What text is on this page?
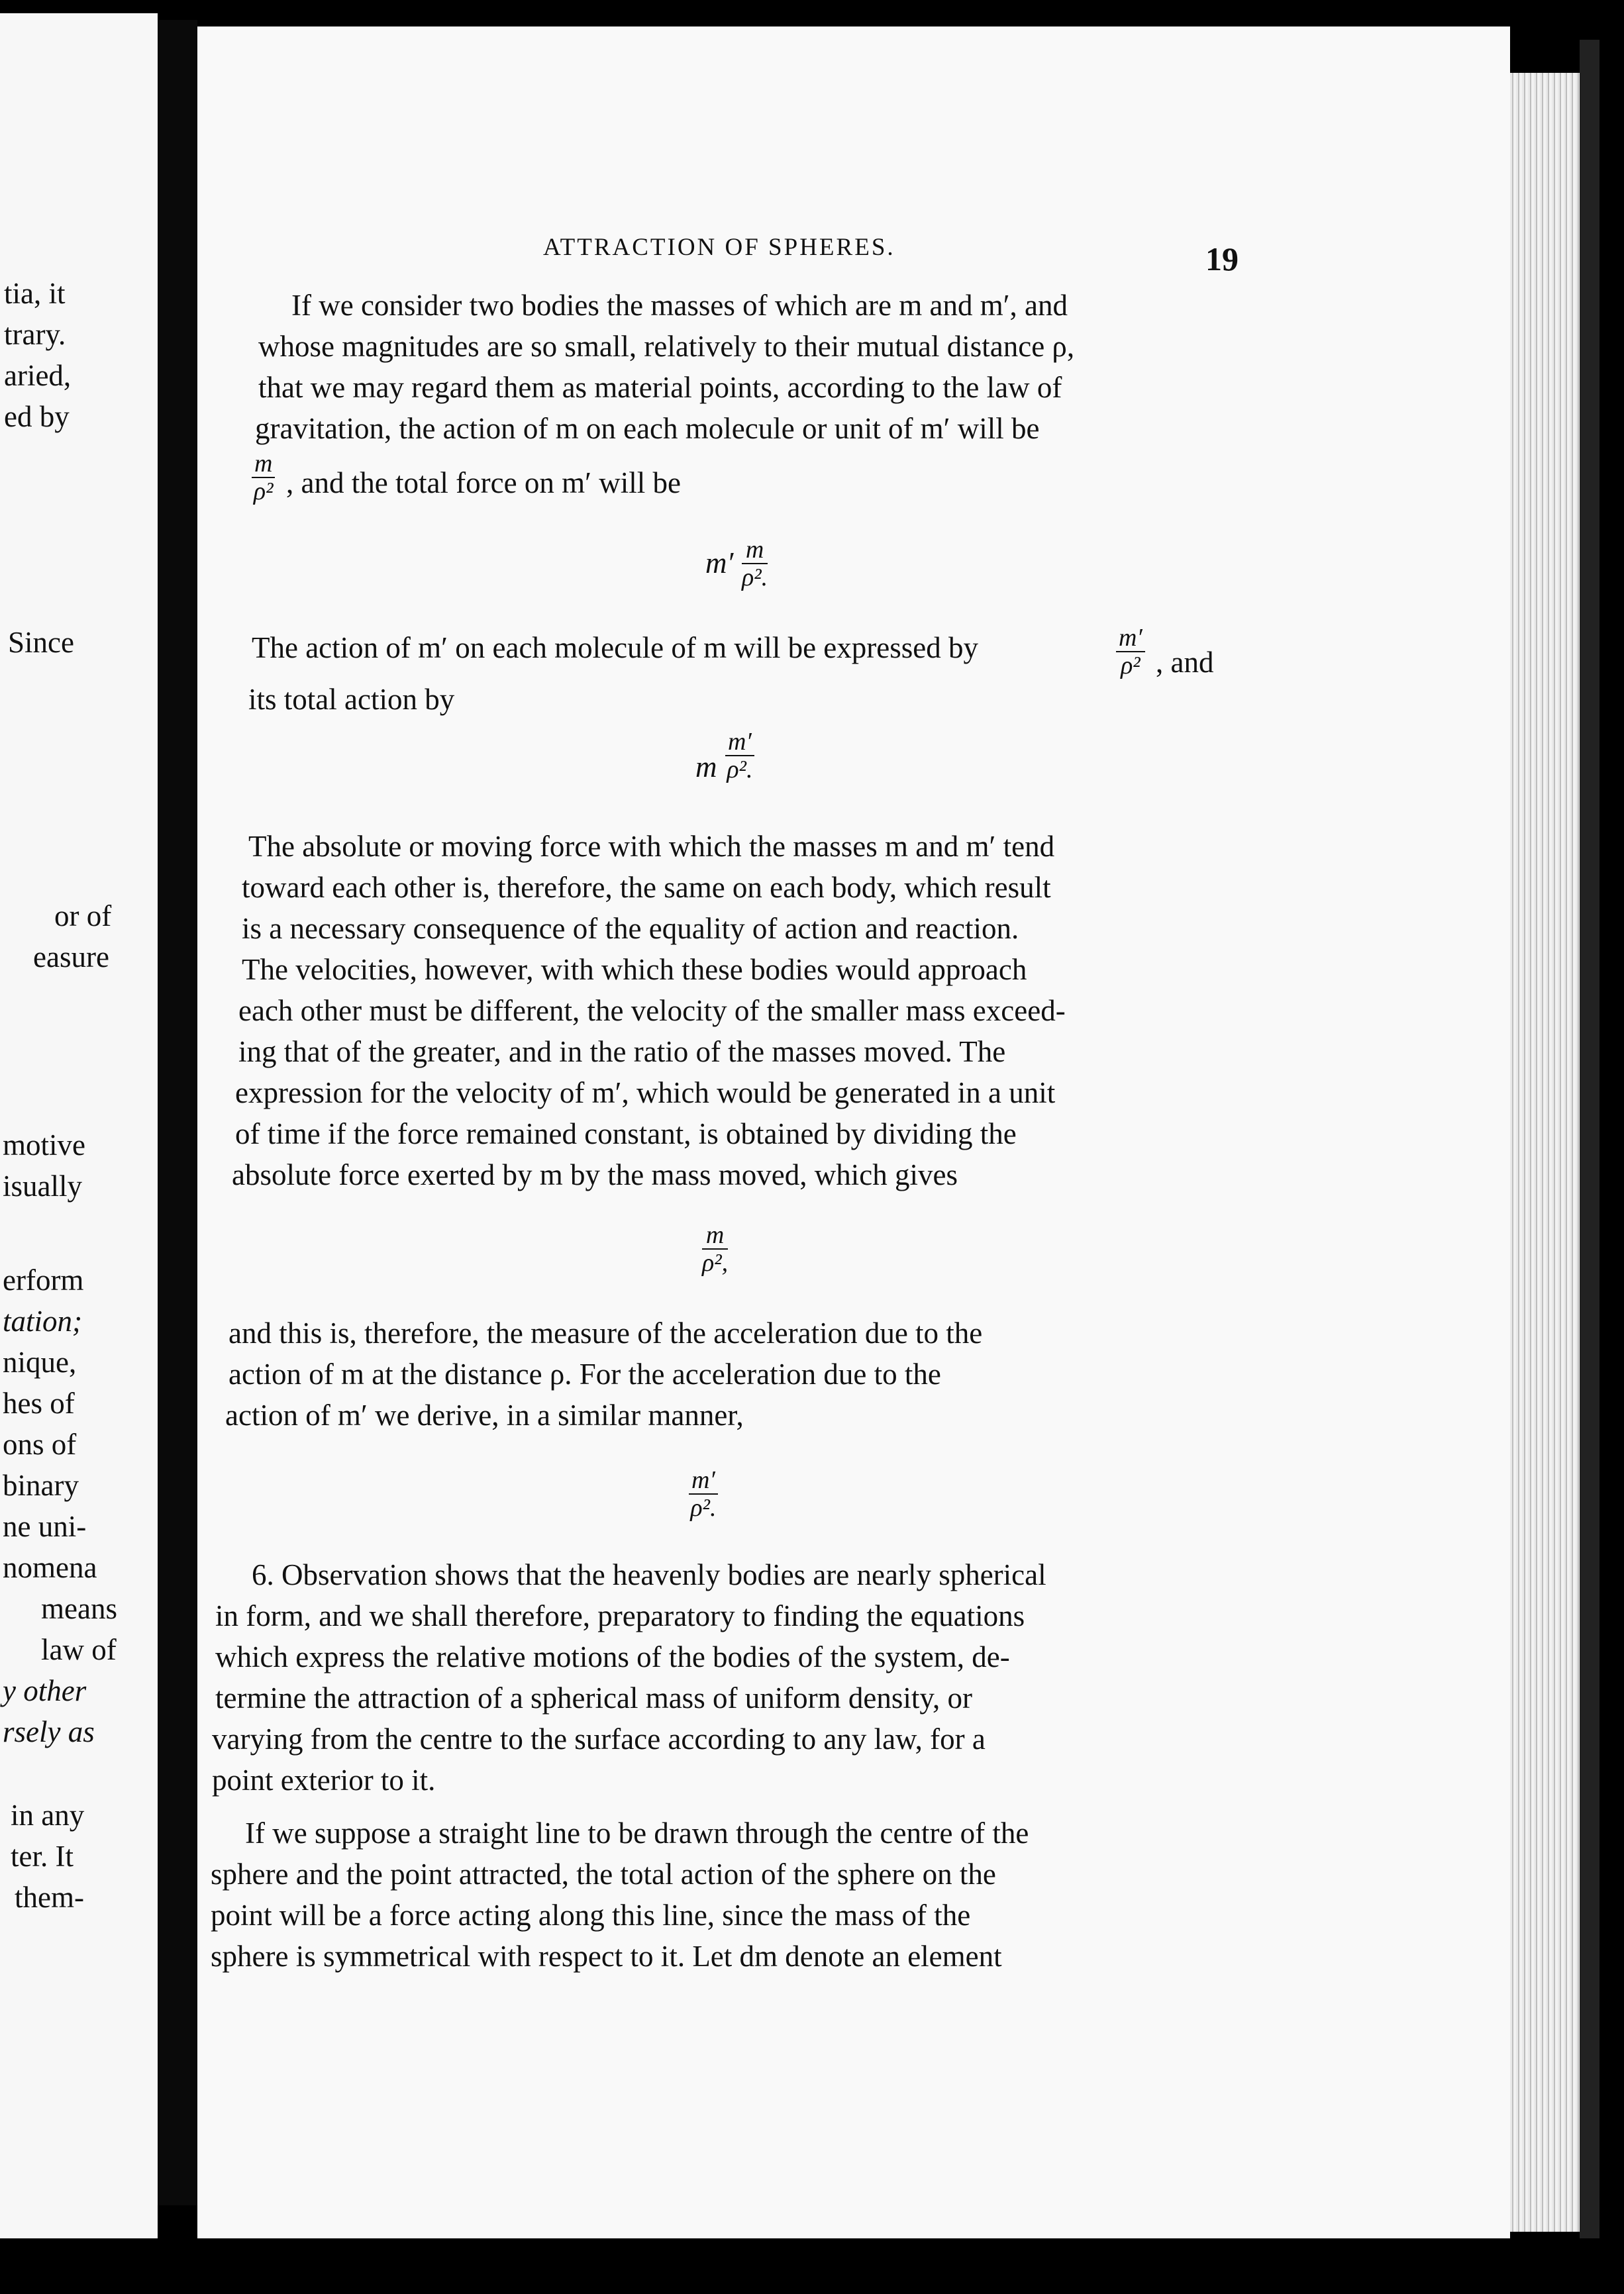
tia, it
trary.
aried,
ed by
Since
or of
easure
motive
isually
erform
tation;
nique,
hes of
ons of
binary
ne uni-
nomena
means
law of
y other
rsely as
in any
ter. It
them-
ATTRACTION OF SPHERES.	19
If we consider two bodies the masses of which are m and m′, and
whose magnitudes are so small, relatively to their mutual distance ρ,
that we may regard them as material points, according to the law of
gravitation, the action of m on each molecule or unit of m′ will be
$\frac{m}{\text{ρ²}}$ , and the total force on m′ will be
$m' \frac{m}{\text{ρ².}}$
The action of m′ on each molecule of m will be expressed by	$\frac{m'}{\text{ρ²}}$ , and
its total action by
m $\frac{m'}{\text{ρ².}}$
The absolute or moving force with which the masses m and m′ tend
toward each other is, therefore, the same on each body, which result
is a necessary consequence of the equality of action and reaction.
The velocities, however, with which these bodies would approach
each other must be different, the velocity of the smaller mass exceed-
ing that of the greater, and in the ratio of the masses moved. The
expression for the velocity of m′, which would be generated in a unit
of time if the force remained constant, is obtained by dividing the
absolute force exerted by m by the mass moved, which gives
$\frac{m}{\text{ρ²,}}$
and this is, therefore, the measure of the acceleration due to the
action of m at the distance ρ. For the acceleration due to the
action of m′ we derive, in a similar manner,
$\frac{m'}{\text{ρ².}}$
6. Observation shows that the heavenly bodies are nearly spherical
in form, and we shall therefore, preparatory to finding the equations
which express the relative motions of the bodies of the system, de-
termine the attraction of a spherical mass of uniform density, or
varying from the centre to the surface according to any law, for a
point exterior to it.
If we suppose a straight line to be drawn through the centre of the
sphere and the point attracted, the total action of the sphere on the
point will be a force acting along this line, since the mass of the
sphere is symmetrical with respect to it. Let dm denote an element
